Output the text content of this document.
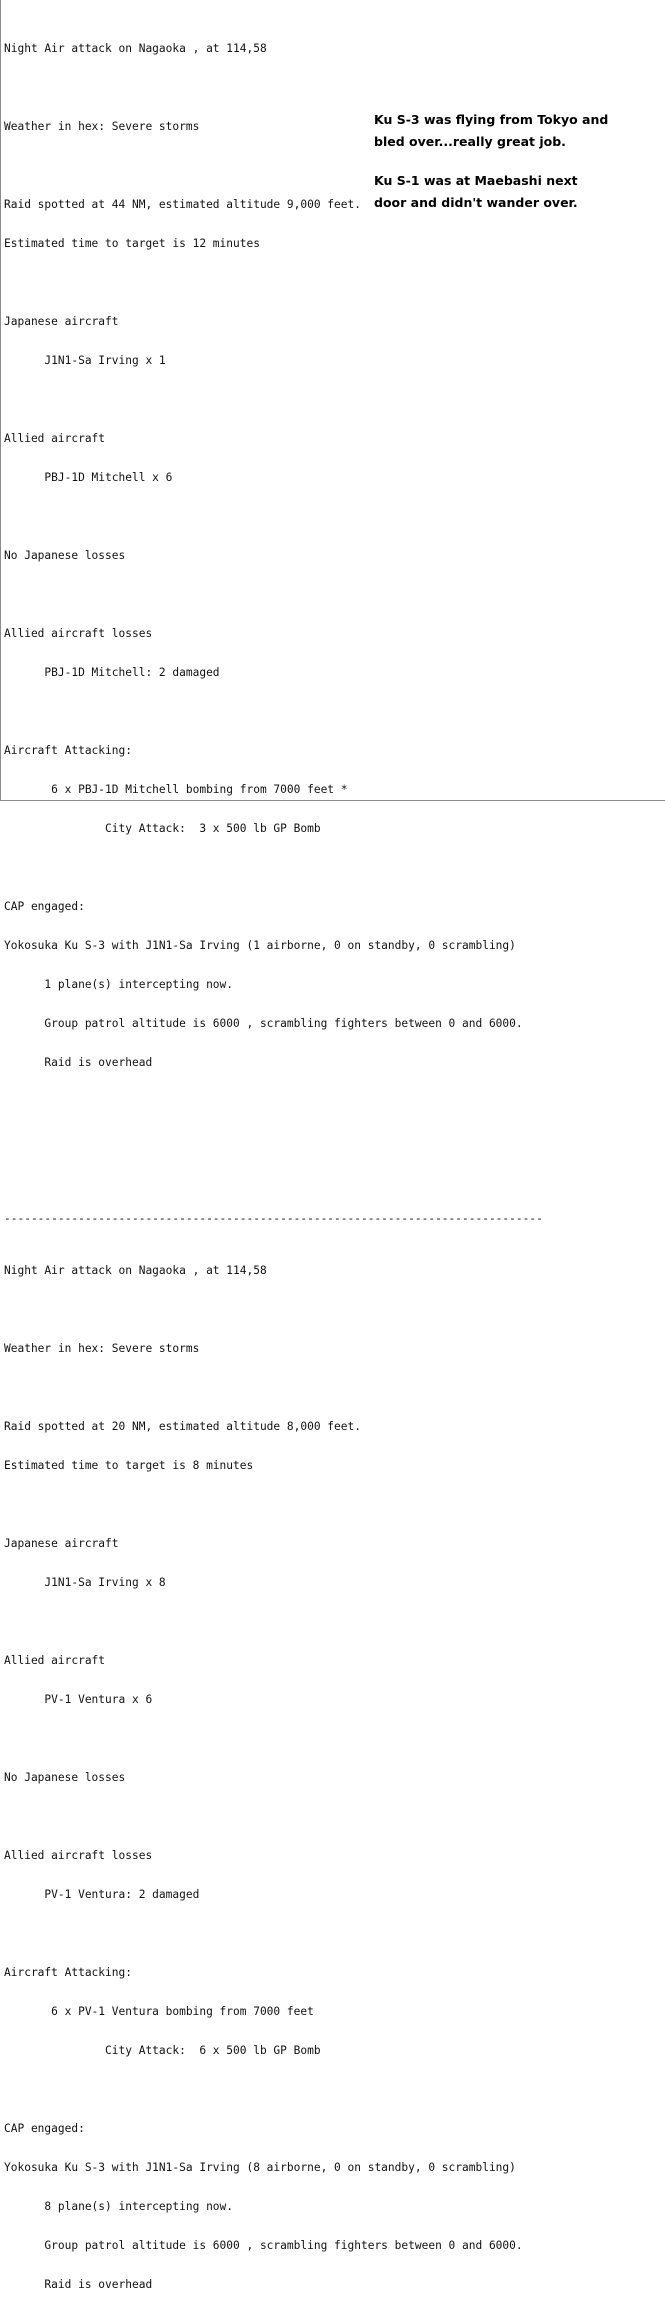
Night Air attack on Nagaoka , at 114,58

Weather in hex: Severe storms

Raid spotted at 44 NM, estimated altitude 9,000 feet.

Estimated time to target is 12 minutes

Japanese aircraft

J1N1-Sa Irving x 1

Allied aircraft

PBJ-1D Mitchell x 6

No Japanese losses

Allied aircraft losses

PBJ-1D Mitchell: 2 damaged

Aircraft Attacking:

6 x PBJ-1D Mitchell bombing from 7000 feet *

City Attack:  3 x 500 lb GP Bomb

CAP engaged:

Yokosuka Ku S-3 with J1N1-Sa Irving (1 airborne, 0 on standby, 0 scrambling)

1 plane(s) intercepting now.

Group patrol altitude is 6000 , scrambling fighters between 0 and 6000.

Raid is overhead

--------------------------------------------------------------------------------

Night Air attack on Nagaoka , at 114,58

Weather in hex: Severe storms

Raid spotted at 20 NM, estimated altitude 8,000 feet.

Estimated time to target is 8 minutes

Japanese aircraft

J1N1-Sa Irving x 8

Allied aircraft

PV-1 Ventura x 6

No Japanese losses

Allied aircraft losses

PV-1 Ventura: 2 damaged

Aircraft Attacking:

6 x PV-1 Ventura bombing from 7000 feet

City Attack:  6 x 500 lb GP Bomb

CAP engaged:

Yokosuka Ku S-3 with J1N1-Sa Irving (8 airborne, 0 on standby, 0 scrambling)

8 plane(s) intercepting now.

Group patrol altitude is 6000 , scrambling fighters between 0 and 6000.

Raid is overhead

Ku S-3 was flying from Tokyo and
bled over...really great job.
Ku S-1 was at Maebashi next
door and didn't wander over.
